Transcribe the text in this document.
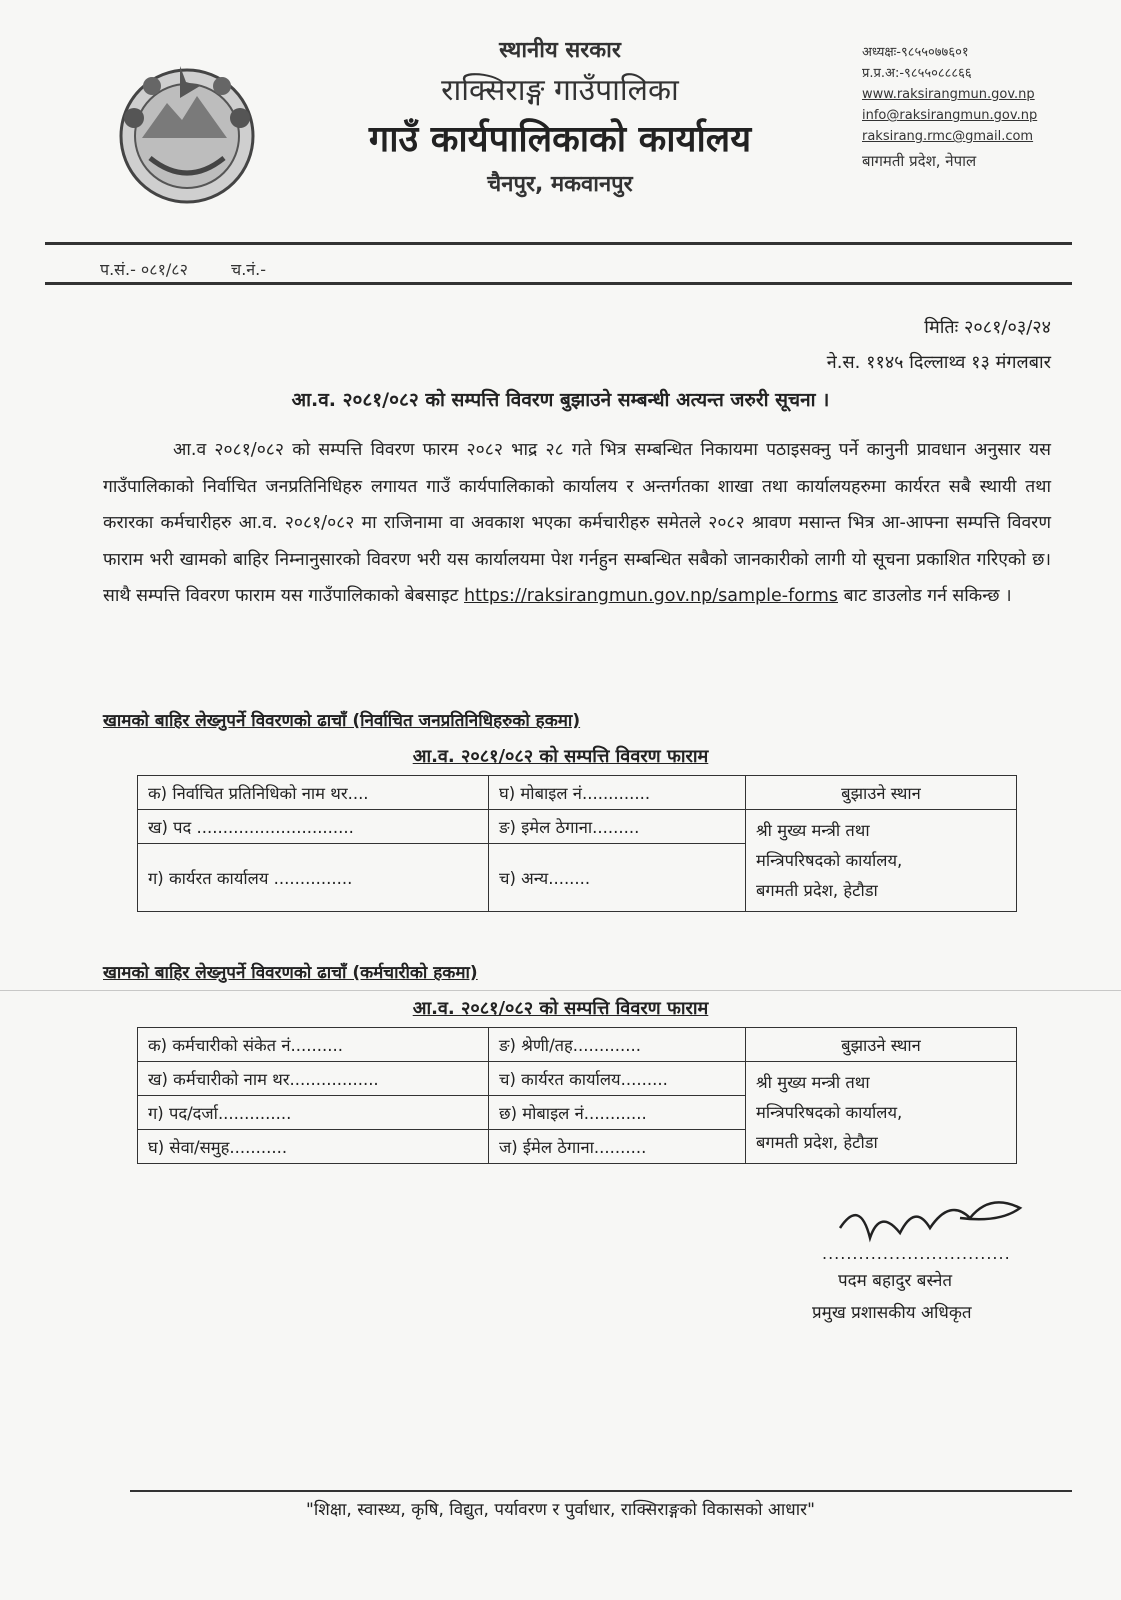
स्थानीय सरकार
राक्सिराङ्ग गाउँपालिका
गाउँ कार्यपालिकाको कार्यालय
चैनपुर, मकवानपुर
अध्यक्षः-९८५५०७७६०१
प्र.प्र.अ:-९८५५०८८८६६
www.raksirangmun.gov.np
info@raksirangmun.gov.np
raksirang.rmc@gmail.com
बागमती प्रदेश, नेपाल
प.सं.- ०८१/८२	च.नं.-
मितिः २०८१/०३/२४
ने.स. ११४५ दिल्लाथ्व १३ मंगलबार
आ.व. २०८१/०८२ को सम्पत्ति विवरण बुझाउने सम्बन्धी अत्यन्त जरुरी सूचना ।
आ.व २०८१/०८२ को सम्पत्ति विवरण फारम २०८२ भाद्र २८ गते भित्र सम्बन्धित निकायमा पठाइसक्नु पर्ने कानुनी प्रावधान अनुसार यस गाउँपालिकाको निर्वाचित जनप्रतिनिधिहरु लगायत गाउँ कार्यपालिकाको कार्यालय र अन्तर्गतका शाखा तथा कार्यालयहरुमा कार्यरत सबै स्थायी तथा करारका कर्मचारीहरु आ.व. २०८१/०८२ मा राजिनामा वा अवकाश भएका कर्मचारीहरु समेतले २०८२ श्रावण मसान्त भित्र आ-आफ्ना सम्पत्ति विवरण फाराम भरी खामको बाहिर निम्नानुसारको विवरण भरी यस कार्यालयमा पेश गर्नहुन सम्बन्धित सबैको जानकारीको लागी यो सूचना प्रकाशित गरिएको छ।साथै सम्पत्ति विवरण फाराम यस गाउँपालिकाको बेबसाइट https://raksirangmun.gov.np/sample-forms बाट डाउलोड गर्न सकिन्छ ।
खामको बाहिर लेख्नुपर्ने विवरणको ढाचाँ (निर्वाचित जनप्रतिनिधिहरुको हकमा)
आ.व. २०८१/०८२ को सम्पत्ति विवरण फाराम
क) निर्वाचित प्रतिनिधिको नाम थर....	घ) मोबाइल नं.............	बुझाउने स्थान
ख) पद ..............................	ङ) इमेल ठेगाना.........	श्री मुख्य मन्त्री तथा
मन्त्रिपरिषदको कार्यालय,
बगमती प्रदेश, हेटौडा

ग) कार्यरत कार्यालय ...............	च) अन्य........	
खामको बाहिर लेख्नुपर्ने विवरणको ढाचाँ (कर्मचारीको हकमा)
आ.व. २०८१/०८२ को सम्पत्ति विवरण फाराम
क) कर्मचारीको संकेत नं..........	ङ) श्रेणी/तह.............	बुझाउने स्थान
ख) कर्मचारीको नाम थर.................	च) कार्यरत कार्यालय.........	श्री मुख्य मन्त्री तथा
मन्त्रिपरिषदको कार्यालय,
बगमती प्रदेश, हेटौडा

ग) पद/दर्जा..............	छ) मोबाइल नं............	
घ) सेवा/समुह...........	ज) ईमेल ठेगाना..........	
...............................
पदम बहादुर बस्नेत
प्रमुख प्रशासकीय अधिकृत
"शिक्षा, स्वास्थ्य, कृषि, विद्युत, पर्यावरण र पुर्वाधार, राक्सिराङ्गको विकासको आधार"
